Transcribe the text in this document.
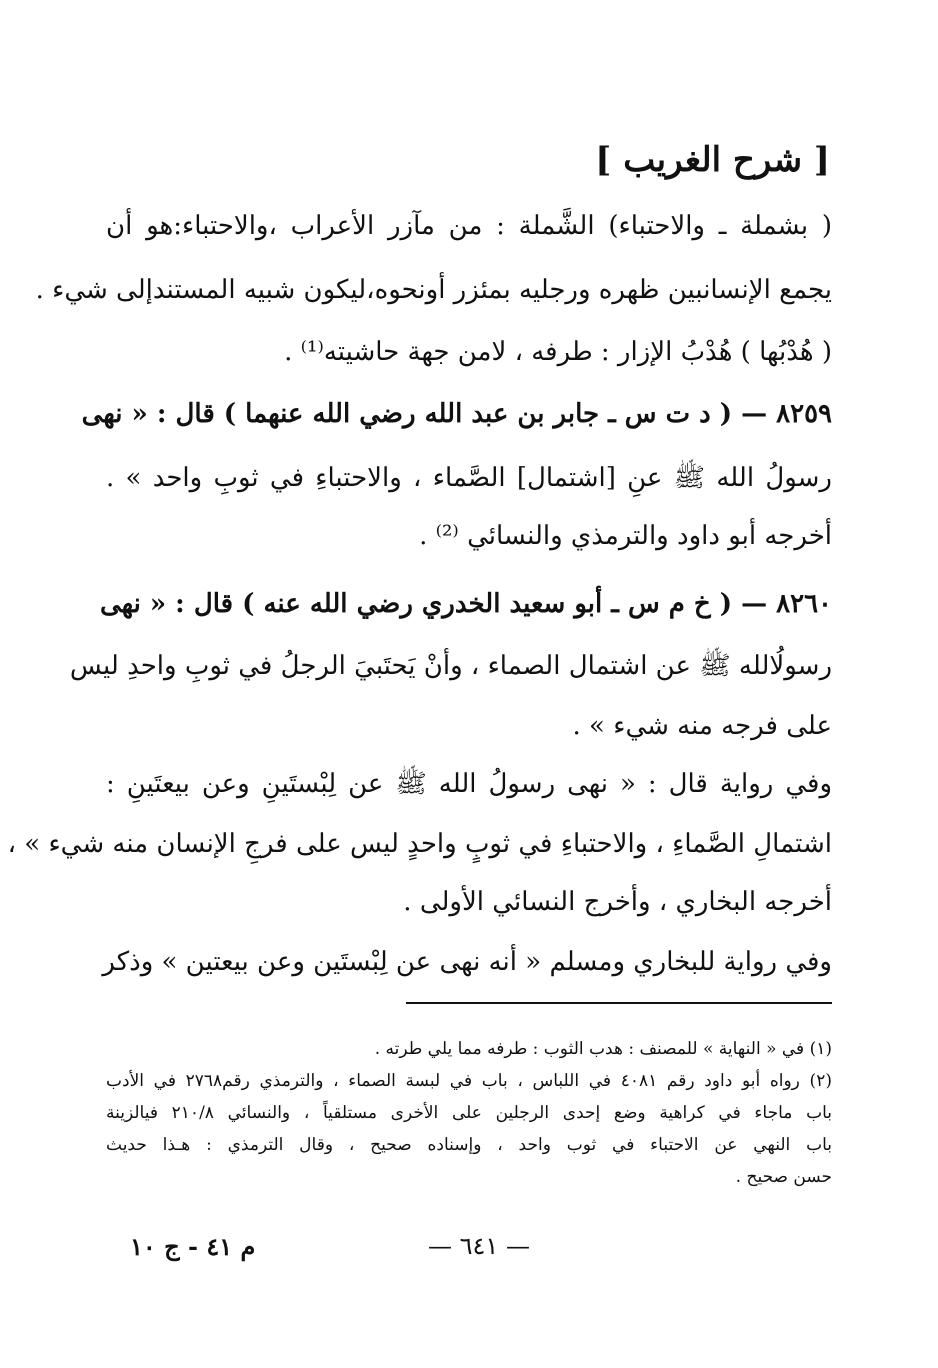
[ شرح الغريب ]
( بشملة ـ والاحتباء) الشَّملة : من مآزر الأعراب ،والاحتباء:هو أن
يجمع الإنسانبين ظهره ورجليه بمئزر أونحوه،ليكون شبيه المستندإلى شيء .
( هُدْبُها ) هُدْبُ الإزار : طرفه ، لامن جهة حاشيته⁽¹⁾ .
٨٢٥٩ — ( د ت س ـ جابر بن عبد الله رضي الله عنهما ) قال : « نهى
رسولُ الله ﷺ عنِ [اشتمال] الصَّماء ، والاحتباءِ في ثوبِ واحد » .
أخرجه أبو داود والترمذي والنسائي ⁽²⁾ .
٨٢٦٠ — ( خ م س ـ أبو سعيد الخدري رضي الله عنه ) قال : « نهى
رسولُالله ﷺ عن اشتمال الصماء ، وأنْ يَحتَبيَ الرجلُ في ثوبِ واحدِ ليس
على فرجه منه شيء » .
وفي رواية قال : « نهى رسولُ الله ﷺ عن لِبْستَينِ وعن بيعتَينِ :
اشتمالِ الصَّماءِ ، والاحتباءِ في ثوبٍ واحدٍ ليس على فرجِ الإنسان منه شيء » ،
أخرجه البخاري ، وأخرج النسائي الأولى .
وفي رواية للبخاري ومسلم « أنه نهى عن لِبْستَين وعن بيعتين » وذكر
(١) في « النهاية » للمصنف : هدب الثوب : طرفه مما يلي طرته .
(٢) رواه أبو داود رقم ٤٠٨١ في اللباس ، باب في لبسة الصماء ، والترمذي رقم٢٧٦٨ في الأدب
باب ماجاء في كراهية وضع إحدى الرجلين على الأخرى مستلقياً ، والنسائي ٢١٠/٨ فيالزينة
باب النهي عن الاحتباء في ثوب واحد ، وإسناده صحيح ، وقال الترمذي : هـذا حديث
حسن صحيح .
— ٦٤١ —
م ٤١ - ج ١٠
